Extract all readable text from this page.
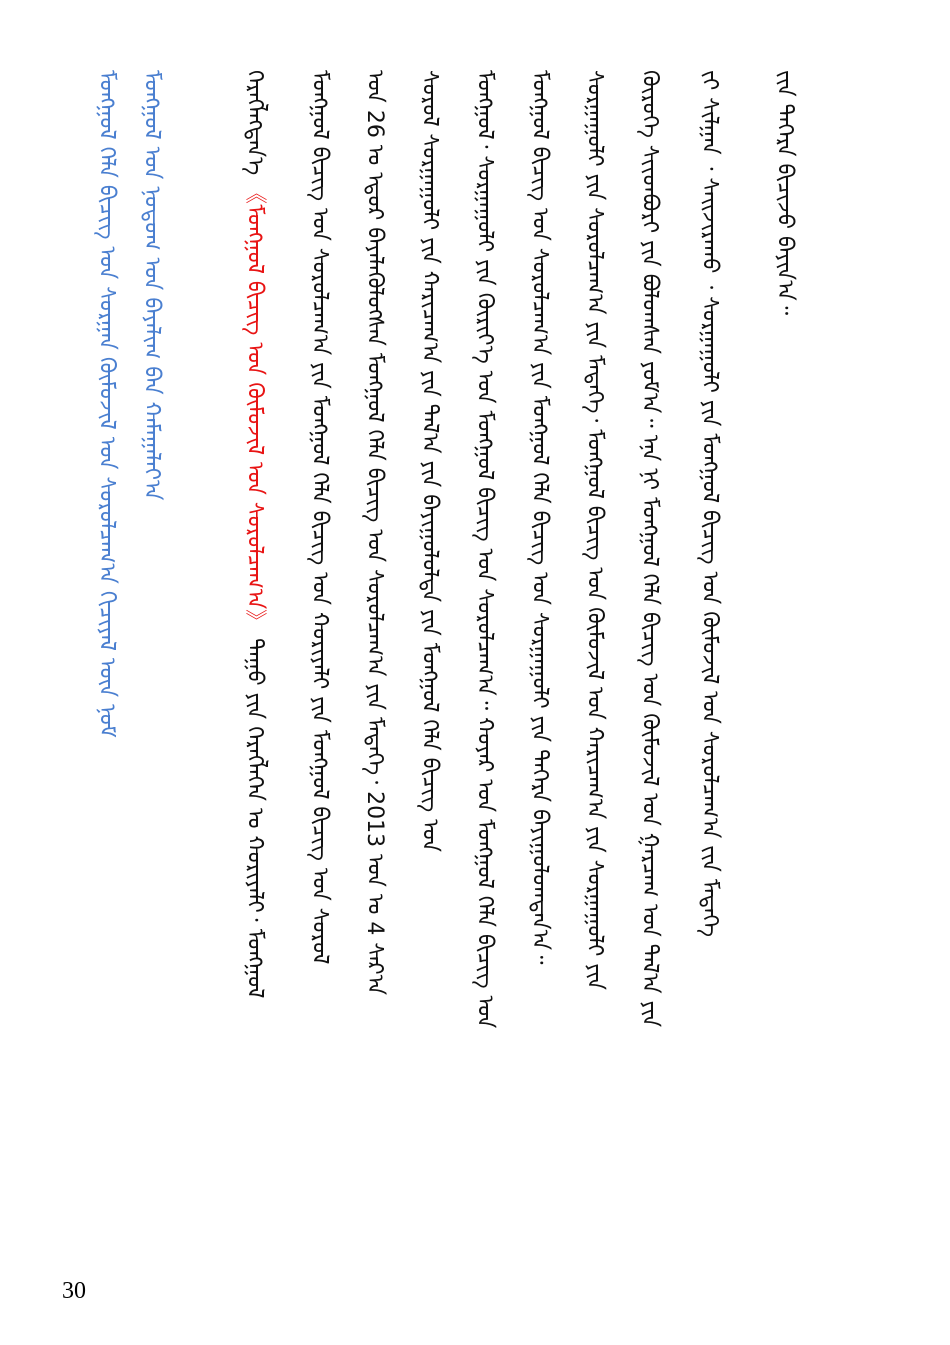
ᠮᠣᠩᠭᠣᠯ ᠬᠡᠯᠡ ᠪᠢᠴᠢᠭ᠌ ᠤᠨ ᠰᠤᠷᠭᠠᠨ ᠬᠦᠮᠦᠵᠢᠯ ᠤᠨ ᠰᠤᠷᠤᠯᠴᠠᠭ᠎ᠠ ᠬᠢᠴᠢᠶᠡᠯ ᠦᠨ ᠨᠣᠮ ᠮᠣᠩᠭᠣᠯ ᠤᠨ ᠨᠤᠲᠤᠭ ᠤᠨ ᠪᠠᠶᠠᠯᠢᠭ ᠪᠠᠨ ᠬᠠᠮᠠᠭᠠᠯᠠᠶ᠎ᠠ	ᠬᠡᠷᠡᠭᠯᠡᠭᠳᠡᠨ᠎ᠡ 《ᠮᠣᠩᠭᠣᠯ ᠪᠢᠴᠢᠭ᠌ ᠤᠨ ᠬᠦᠮᠦᠵᠢᠯ ᠤᠨ ᠰᠤᠷᠤᠯᠴᠠᠭ᠎ᠠ》 ᠳᠠᠭᠤ ᠶᠢᠨ ᠬᠡᠷᠡᠭᠯᠡᠭᠡᠨ ᠤ ᠬᠣᠷᠢᠶᠠᠯᠢ᠂ ᠮᠣᠩᠭᠣᠯ ᠮᠣᠩᠭᠣᠯ ᠪᠢᠴᠢᠭ᠌ ᠤᠨ ᠰᠤᠷᠤᠯᠴᠠᠭ᠎ᠠ ᠶᠢᠨ ᠮᠣᠩᠭᠣᠯ ᠬᠡᠯᠡ ᠪᠢᠴᠢᠭ᠌ ᠤᠨ ᠬᠣᠷᠢᠶᠠᠯᠢ ᠶᠢᠨ ᠮᠣᠩᠭᠣᠯ ᠪᠢᠴᠢᠭ᠌ ᠤᠨ ᠰᠤᠷᠤᠯ ᠤᠨ 26 ᠤ ᠡᠳᠦᠷ ᠪᠡᠶᠡᠯᠡᠭᠦᠯᠦᠭᠰᠡᠨ ᠮᠣᠩᠭᠣᠯ ᠬᠡᠯᠡ ᠪᠢᠴᠢᠭ᠌ ᠤᠨ ᠰᠤᠷᠤᠯᠴᠠᠭ᠎ᠠ ᠶᠢᠨ ᠮᠡᠳᠡᠭᠡ᠂ 2013 ᠣᠨ ᠤ 4 ᠰᠠᠷ᠎ᠠ ᠰᠤᠷᠤᠯ ᠰᠤᠷᠭᠠᠭᠤᠯᠢ ᠶᠢᠨ ᠬᠠᠷᠢᠴᠠᠭ᠎ᠠ ᠶᠢᠨ ᠲᠠᠯ᠎ᠠ ᠶᠢᠨ ᠪᠠᠶᠢᠭᠤᠯᠤᠯᠲᠠ ᠶᠢᠨ ᠮᠣᠩᠭᠣᠯ ᠬᠡᠯᠡ ᠪᠢᠴᠢᠭ᠌ ᠤᠨ ᠮᠣᠩᠭᠣᠯ᠂ ᠰᠤᠷᠭᠠᠭᠤᠯᠢ ᠶᠢᠨ ᠬᠦᠷᠢᠶ᠎ᠡ ᠤᠨ ᠮᠣᠩᠭᠣᠯ ᠪᠢᠴᠢᠭ᠌ ᠤᠨ ᠰᠤᠷᠤᠯᠴᠠᠭ᠎ᠠ᠃ ᠬᠣᠶᠠᠷ ᠤᠨ ᠮᠣᠩᠭᠣᠯ ᠬᠡᠯᠡ ᠪᠢᠴᠢᠭ᠌ ᠤᠨ ᠮᠣᠩᠭᠣᠯ ᠪᠢᠴᠢᠭ᠌ ᠤᠨ ᠰᠤᠷᠤᠯᠴᠠᠭ᠎ᠠ ᠶᠢᠨ ᠮᠣᠩᠭᠣᠯ ᠬᠡᠯᠡ ᠪᠢᠴᠢᠭ᠌ ᠤᠨ ᠰᠤᠷᠭᠠᠭᠤᠯᠢ ᠶᠢᠨ ᠳᠡᠭᠡᠷᠡ ᠪᠠᠶᠢᠭᠤᠯᠤᠭᠳᠠᠨ᠎ᠠ᠃ ᠰᠤᠷᠭᠠᠭᠤᠯᠢ ᠶᠢᠨ ᠰᠤᠷᠤᠯᠴᠠᠭ᠎ᠠ ᠶᠢᠨ ᠮᠡᠳᠡᠭᠡ᠂ ᠮᠣᠩᠭᠣᠯ ᠪᠢᠴᠢᠭ᠌ ᠤᠨ ᠬᠦᠮᠦᠵᠢᠯ ᠤᠨ ᠬᠠᠷᠢᠴᠠᠭ᠎ᠠ ᠶᠢᠨ ᠰᠤᠷᠭᠠᠭᠤᠯᠢ ᠶᠢᠨ ᠬᠦᠷᠦᠭᠡ ᠰᠢᠢᠳᠪᠦᠷᠢ ᠶᠢᠨ ᠪᠤᠯᠤᠭᠰᠠᠨ ᠶᠤᠮ᠎ᠠ᠃ ᠡᠨᠡ ᠨᠢ ᠮᠣᠩᠭᠣᠯ ᠬᠡᠯᠡ ᠪᠢᠴᠢᠭ᠌ ᠤᠨ ᠬᠦᠮᠦᠵᠢᠯ ᠤᠨ ᠭᠠᠷᠴᠠᠭ ᠤᠨ ᠲᠠᠯ᠎ᠠ ᠶᠢᠨ ᠵᠢ ᠰᠢᠯᠭᠠᠨ ᠂ ᠰᠠᠢᠵᠢᠷᠠᠬᠤ ᠂ ᠰᠤᠷᠭᠠᠭᠤᠯᠢ ᠶᠢᠨ ᠮᠣᠩᠭᠣᠯ ᠪᠢᠴᠢᠭ᠌ ᠤᠨ ᠬᠦᠮᠦᠵᠢᠯ ᠤᠨ ᠰᠤᠷᠤᠯᠴᠠᠭ᠎ᠠ ᠵᠢᠨ ᠮᠡᠳᠡᠭᠡ ᠵᠢᠨ ᠳᠡᠭᠡᠷᠡ ᠪᠢᠴᠢᠵᠦ ᠪᠠᠶᠢᠨ᠎ᠠ᠃
30
